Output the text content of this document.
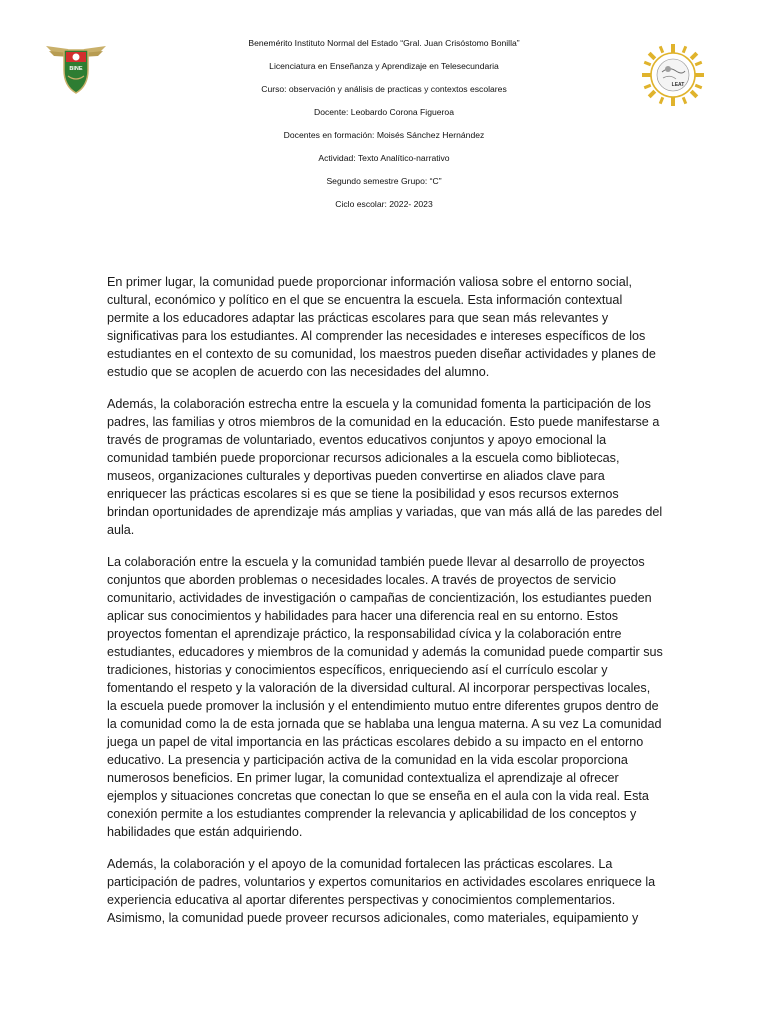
BINE
LEAT
Benemérito Instituto Normal del Estado “Gral. Juan Crisóstomo Bonilla”
Licenciatura en Enseñanza y Aprendizaje en Telesecundaria
Curso: observación y análisis de practicas y contextos escolares
Docente: Leobardo Corona Figueroa
Docentes en formación: Moisés Sánchez Hernández
Actividad: Texto Analítico-narrativo
Segundo semestre Grupo: “C”
Ciclo escolar: 2022- 2023

En primer lugar, la comunidad puede proporcionar información valiosa sobre el entorno social, cultural, económico y político en el que se encuentra la escuela. Esta información contextual permite a los educadores adaptar las prácticas escolares para que sean más relevantes y significativas para los estudiantes. Al comprender las necesidades e intereses específicos de los estudiantes en el contexto de su comunidad, los maestros pueden diseñar actividades y planes de estudio que se acoplen de acuerdo con las necesidades del alumno.

Además, la colaboración estrecha entre la escuela y la comunidad fomenta la participación de los padres, las familias y otros miembros de la comunidad en la educación. Esto puede manifestarse a través de programas de voluntariado, eventos educativos conjuntos y apoyo emocional la comunidad también puede proporcionar recursos adicionales a la escuela como bibliotecas, museos, organizaciones culturales y deportivas pueden convertirse en aliados clave para enriquecer las prácticas escolares si es que se tiene la posibilidad y esos recursos externos brindan oportunidades de aprendizaje más amplias y variadas, que van más allá de las paredes del aula.

La colaboración entre la escuela y la comunidad también puede llevar al desarrollo de proyectos conjuntos que aborden problemas o necesidades locales. A través de proyectos de servicio comunitario, actividades de investigación o campañas de concientización, los estudiantes pueden aplicar sus conocimientos y habilidades para hacer una diferencia real en su entorno. Estos proyectos fomentan el aprendizaje práctico, la responsabilidad cívica y la colaboración entre estudiantes, educadores y miembros de la comunidad y además la comunidad puede compartir sus tradiciones, historias y conocimientos específicos, enriqueciendo así el currículo escolar y fomentando el respeto y la valoración de la diversidad cultural. Al incorporar perspectivas locales, la escuela puede promover la inclusión y el entendimiento mutuo entre diferentes grupos dentro de la comunidad como la de esta jornada que se hablaba una lengua materna. A su vez La comunidad juega un papel de vital importancia en las prácticas escolares debido a su impacto en el entorno educativo. La presencia y participación activa de la comunidad en la vida escolar proporciona numerosos beneficios. En primer lugar, la comunidad contextualiza el aprendizaje al ofrecer ejemplos y situaciones concretas que conectan lo que se enseña en el aula con la vida real. Esta conexión permite a los estudiantes comprender la relevancia y aplicabilidad de los conceptos y habilidades que están adquiriendo.

Además, la colaboración y el apoyo de la comunidad fortalecen las prácticas escolares. La participación de padres, voluntarios y expertos comunitarios en actividades escolares enriquece la experiencia educativa al aportar diferentes perspectivas y conocimientos complementarios. Asimismo, la comunidad puede proveer recursos adicionales, como materiales, equipamiento y
